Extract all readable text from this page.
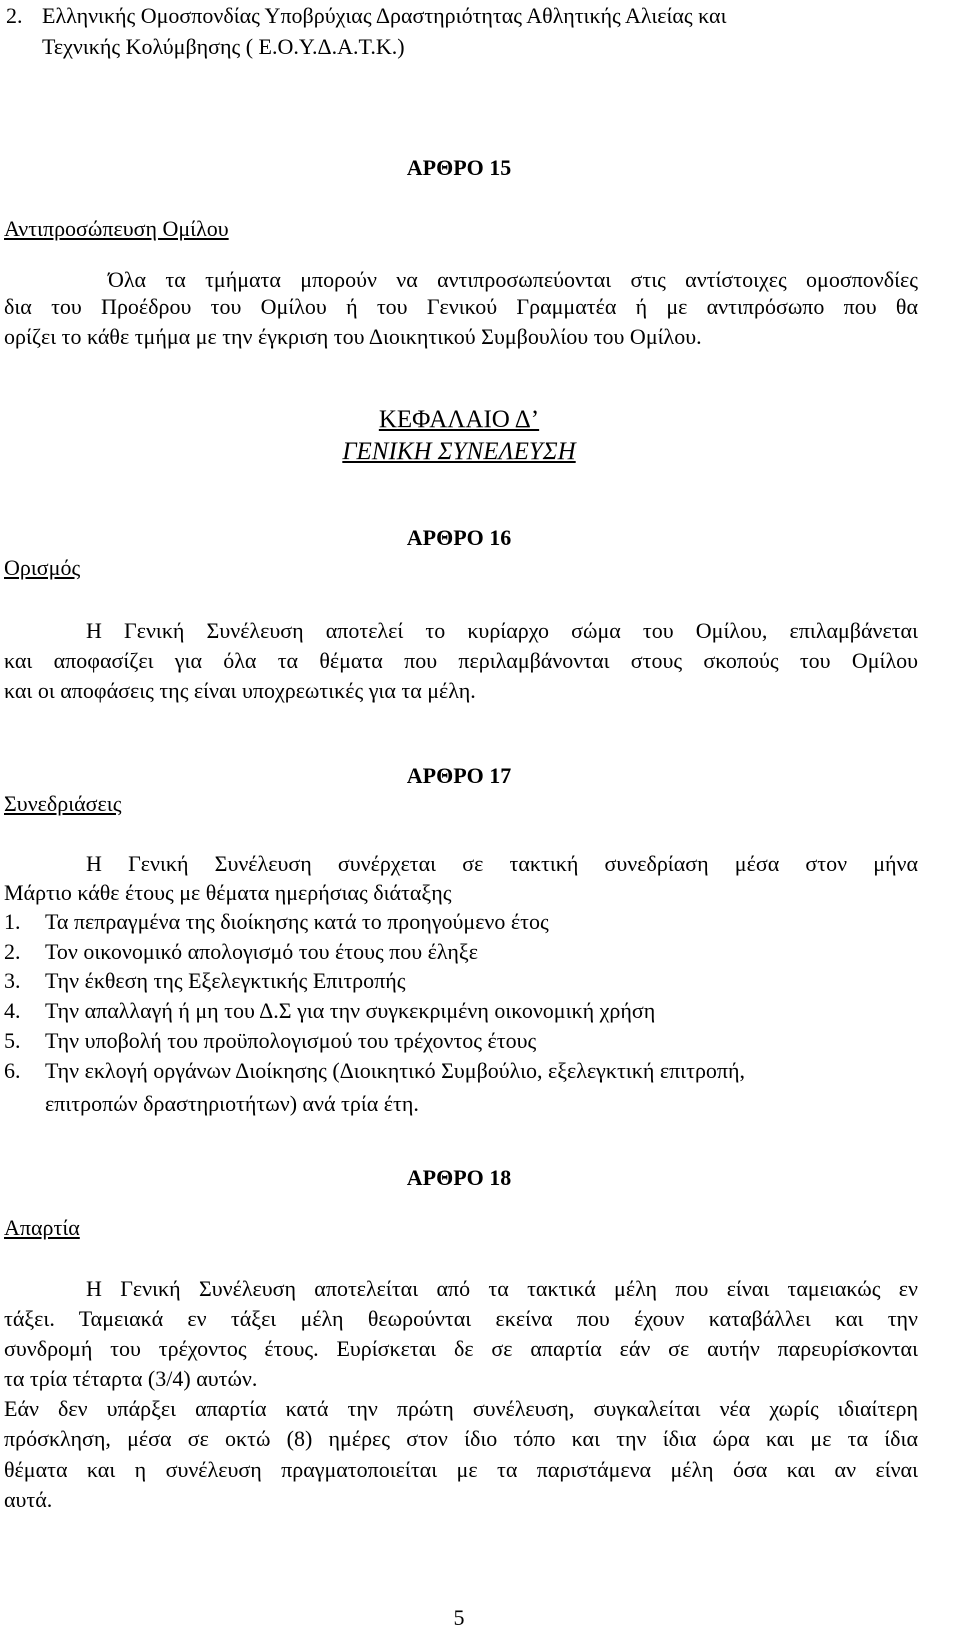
2. Ελληνικής Ομοσπονδίας Υποβρύχιας Δραστηριότητας Αθλητικής Αλιείας και
Τεχνικής Κολύμβησης ( Ε.Ο.Υ.Δ.Α.Τ.Κ.)
ΑΡΘΡΟ 15
Αντιπροσώπευση Ομίλου
Όλα τα τμήματα μπορούν να αντιπροσωπεύονται στις αντίστοιχες ομοσπονδίες
δια του Προέδρου του Ομίλου ή του Γενικού Γραμματέα ή με αντιπρόσωπο που θα
ορίζει το κάθε τμήμα με την έγκριση του Διοικητικού Συμβουλίου του Ομίλου.
ΚΕΦΑΛΑΙΟ Δ’
ΓΕΝΙΚΗ ΣΥΝΕΛΕΥΣΗ
ΑΡΘΡΟ 16
Ορισμός
Η Γενική Συνέλευση αποτελεί το κυρίαρχο σώμα του Ομίλου, επιλαμβάνεται
και αποφασίζει για όλα τα θέματα που περιλαμβάνονται στους σκοπούς του Ομίλου
και οι αποφάσεις της είναι υποχρεωτικές για τα μέλη.
ΑΡΘΡΟ 17
Συνεδριάσεις
Η Γενική Συνέλευση συνέρχεται σε τακτική συνεδρίαση μέσα στον μήνα
Μάρτιο κάθε έτους με θέματα ημερήσιας διάταξης
1. Τα πεπραγμένα της διοίκησης κατά το προηγούμενο έτος
2. Τον οικονομικό απολογισμό του έτους που έληξε
3. Την έκθεση της Εξελεγκτικής Επιτροπής
4. Την απαλλαγή ή μη του Δ.Σ για την συγκεκριμένη οικονομική χρήση
5. Την υποβολή του προϋπολογισμού του τρέχοντος έτους
6. Την εκλογή οργάνων Διοίκησης (Διοικητικό Συμβούλιο, εξελεγκτική επιτροπή,
επιτροπών δραστηριοτήτων) ανά τρία έτη.
ΑΡΘΡΟ 18
Απαρτία
Η Γενική Συνέλευση αποτελείται από τα τακτικά μέλη που είναι ταμειακώς εν
τάξει. Ταμειακά εν τάξει μέλη θεωρούνται εκείνα που έχουν καταβάλλει και την
συνδρομή του τρέχοντος έτους. Ευρίσκεται δε σε απαρτία εάν σε αυτήν παρευρίσκονται
τα τρία τέταρτα (3/4) αυτών.
Εάν δεν υπάρξει απαρτία κατά την πρώτη συνέλευση, συγκαλείται νέα χωρίς ιδιαίτερη
πρόσκληση, μέσα σε οκτώ (8) ημέρες στον ίδιο τόπο και την ίδια ώρα και με τα ίδια
θέματα και η συνέλευση πραγματοποιείται με τα παριστάμενα μέλη όσα και αν είναι
αυτά.
5
